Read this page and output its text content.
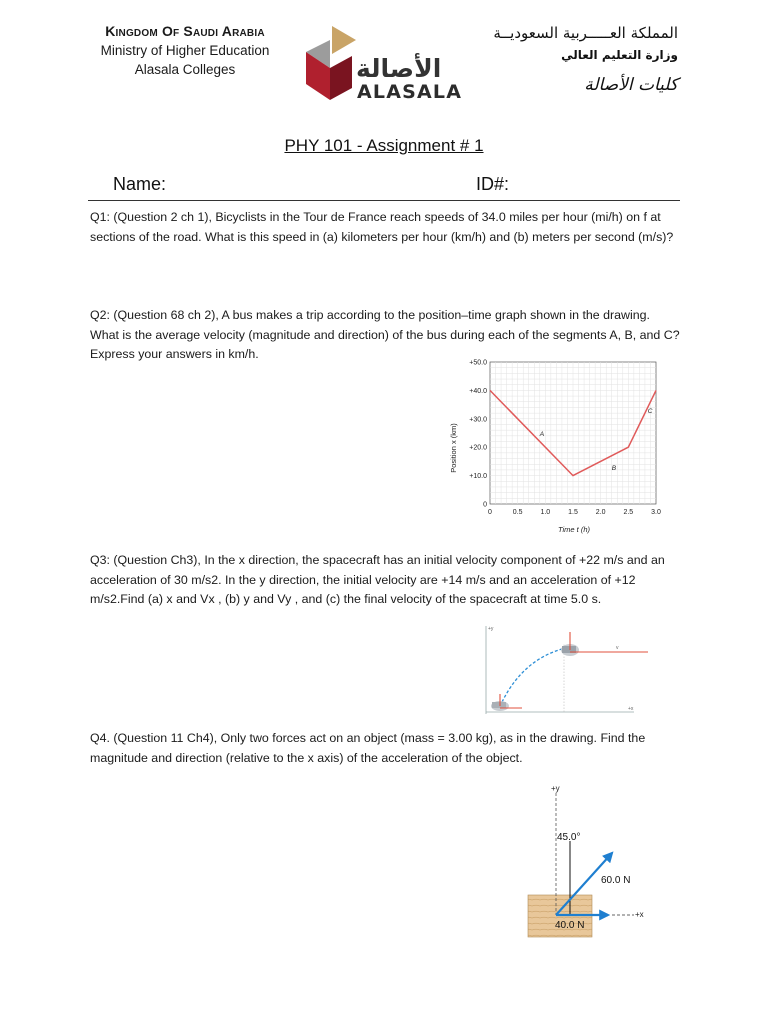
Kingdom Of Saudi Arabia
Ministry of Higher Education
Alasala Colleges	الأصالة
ALASALA
المملكة العـــــربية السعوديــة
وزارة التعليم العالي
كليات الأصالة
PHY 101 - Assignment # 1
Name:	ID#:
Q1: (Question 2 ch 1), Bicyclists in the Tour de France reach speeds of 34.0 miles per hour (mi/h) on f at sections of the road. What is this speed in (a) kilometers per hour (km/h) and (b) meters per second (m/s)?
Q2: (Question 68 ch 2), A bus makes a trip according to the position–time graph shown in the drawing. What is the average velocity (magnitude and direction) of the bus during each of the segments A, B, and C? Express your answers in km/h.
0
+10.0
+20.0
+30.0
+40.0
+50.0
0	0.5	1.0	1.5	2.0	2.5	3.0
A
B
C
Time t (h)
Position x (km)
Q3: (Question Ch3), In the x direction, the spacecraft has an initial velocity component of +22 m/s and an acceleration of 30 m/s2. In the y direction, the initial velocity are +14 m/s and an acceleration of +12 m/s2.Find (a) x and Vx , (b) y and Vy , and (c) the final velocity of the spacecraft at time 5.0 s.
+y
+x
v
Q4. (Question 11 Ch4), Only two forces act on an object (mass = 3.00 kg), as in the drawing. Find the magnitude and direction (relative to the x axis) of the acceleration of the object.
+y
45.0°
60.0 N
+x
40.0 N
